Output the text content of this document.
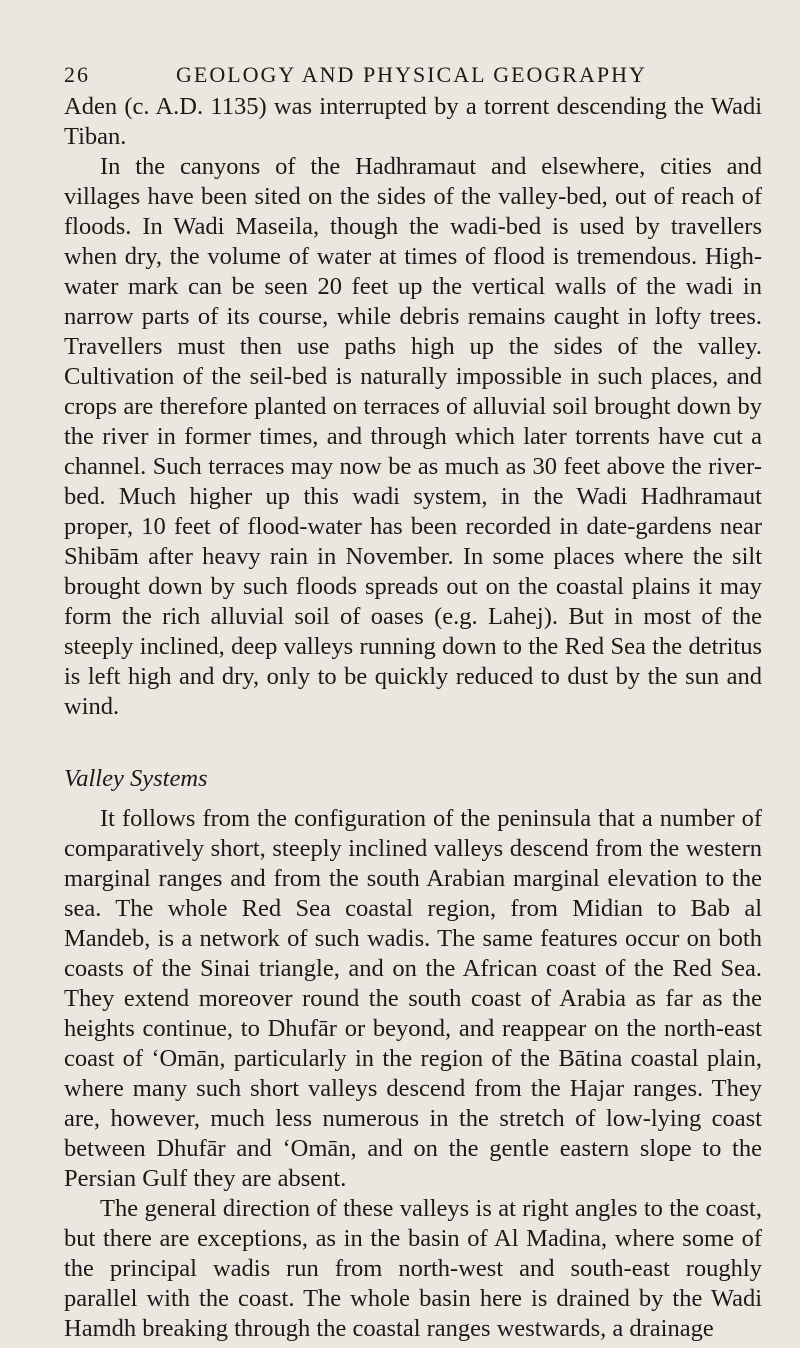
26	GEOLOGY AND PHYSICAL GEOGRAPHY

Aden (c. A.D. 1135) was interrupted by a torrent descending the Wadi Tiban.

In the canyons of the Hadhramaut and elsewhere, cities and villages have been sited on the sides of the valley-bed, out of reach of floods. In Wadi Maseila, though the wadi-bed is used by travellers when dry, the volume of water at times of flood is tremendous. High-water mark can be seen 20 feet up the vertical walls of the wadi in narrow parts of its course, while debris remains caught in lofty trees. Travellers must then use paths high up the sides of the valley. Cultivation of the seil-bed is naturally impossible in such places, and crops are therefore planted on terraces of alluvial soil brought down by the river in former times, and through which later torrents have cut a channel. Such terraces may now be as much as 30 feet above the river-bed. Much higher up this wadi system, in the Wadi Hadhramaut proper, 10 feet of flood-water has been recorded in date-gardens near Shibām after heavy rain in November. In some places where the silt brought down by such floods spreads out on the coastal plains it may form the rich alluvial soil of oases (e.g. Lahej). But in most of the steeply inclined, deep valleys running down to the Red Sea the detritus is left high and dry, only to be quickly reduced to dust by the sun and wind.

Valley Systems

It follows from the configuration of the peninsula that a number of comparatively short, steeply inclined valleys descend from the western marginal ranges and from the south Arabian marginal elevation to the sea. The whole Red Sea coastal region, from Midian to Bab al Mandeb, is a network of such wadis. The same features occur on both coasts of the Sinai triangle, and on the African coast of the Red Sea. They extend moreover round the south coast of Arabia as far as the heights continue, to Dhufār or beyond, and reappear on the north-east coast of ‘Omān, particularly in the region of the Bātina coastal plain, where many such short valleys descend from the Hajar ranges. They are, however, much less numerous in the stretch of low-lying coast between Dhufār and ‘Omān, and on the gentle eastern slope to the Persian Gulf they are absent.

The general direction of these valleys is at right angles to the coast, but there are exceptions, as in the basin of Al Madina, where some of the principal wadis run from north-west and south-east roughly parallel with the coast. The whole basin here is drained by the Wadi Hamdh breaking through the coastal ranges westwards, a drainage
